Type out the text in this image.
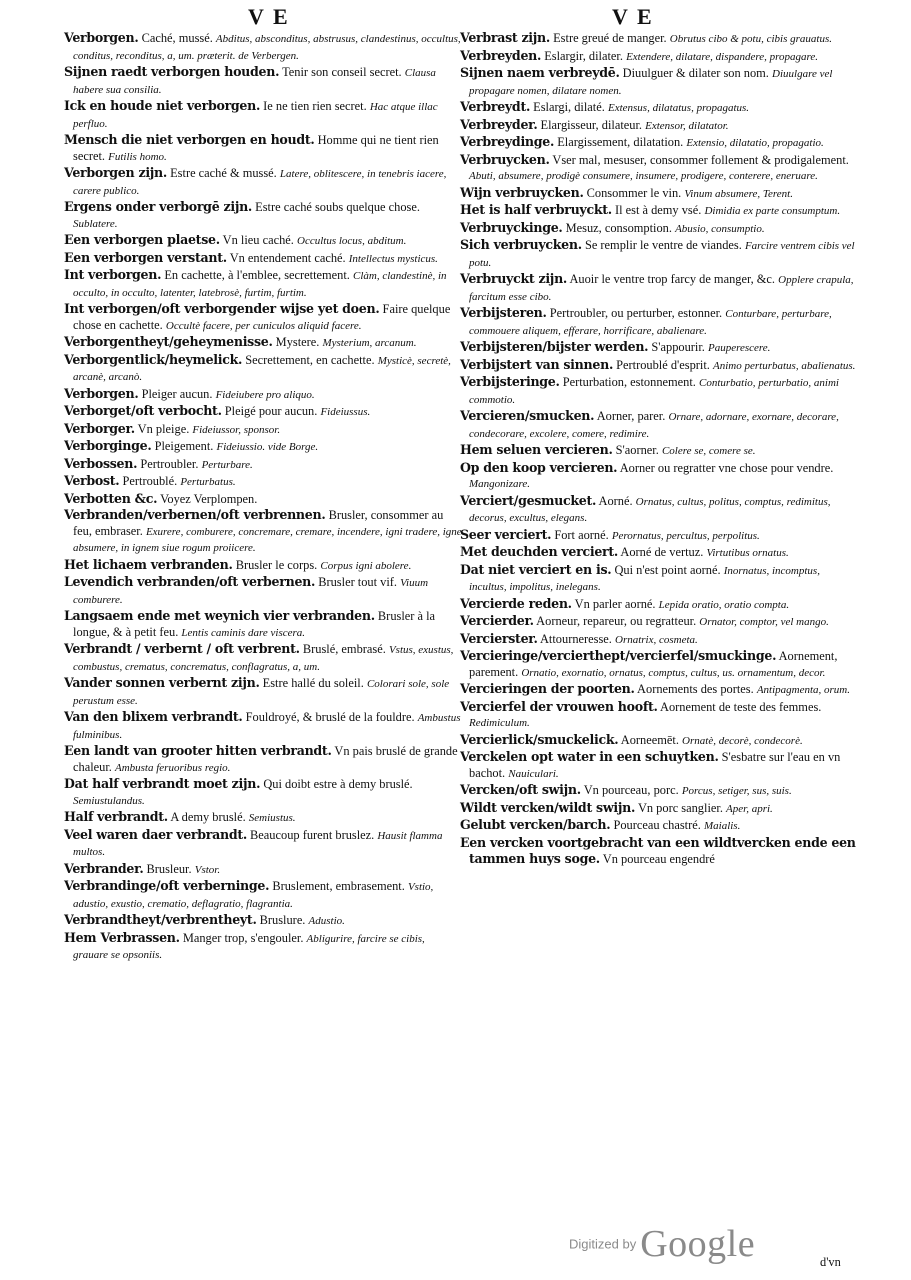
V E	V E

Verborgen. Caché, mussé. Abditus, absconditus, abstrusus, clandestinus, occultus, conditus, reconditus, a, um. præterit. de Verbergen.

Sijnen raedt verborgen houden. Tenir son conseil secret. Clausa habere sua consilia.

Ick en houde niet verborgen. Ie ne tien rien secret. Hac atque illac perfluo.

Mensch die niet verborgen en houdt. Homme qui ne tient rien secret. Futilis homo.

Verborgen zijn. Estre caché & mussé. Latere, oblitescere, in tenebris iacere, carere publico.

Ergens onder verborgē zijn. Estre caché soubs quelque chose. Sublatere.

Een verborgen plaetse. Vn lieu caché. Occultus locus, abditum.

Een verborgen verstant. Vn entendement caché. Intellectus mysticus.

Int verborgen. En cachette, à l'emblee, secrettement. Clàm, clandestinè, in occulto, in occulto, latenter, latebrosè, furtim, furtim.

Int verborgen/oft verborgender wijse yet doen. Faire quelque chose en cachette. Occultè facere, per cuniculos aliquid facere.

Verborgentheyt/geheymenisse. Mystere. Mysterium, arcanum.

Verborgentlick/heymelick. Secrettement, en cachette. Mysticè, secretè, arcanè, arcanò.

Verborgen. Pleiger aucun. Fideiubere pro aliquo.

Verborget/oft verbocht. Pleigé pour aucun. Fideiussus.

Verborger. Vn pleige. Fideiussor, sponsor.

Verborginge. Pleigement. Fideiussio. vide Borge.

Verbossen. Pertroubler. Perturbare.

Verbost. Pertroublé. Perturbatus.

Verbotten &c. Voyez Verplompen.

Verbranden/verbernen/oft verbrennen. Brusler, consommer au feu, embraser. Exurere, comburere, concremare, cremare, incendere, igni tradere, igne absumere, in ignem siue rogum proiicere.

Het lichaem verbranden. Brusler le corps. Corpus igni abolere.

Levendich verbranden/oft verbernen. Brusler tout vif. Viuum comburere.

Langsaem ende met weynich vier verbranden. Brusler à la longue, & à petit feu. Lentis caminis dare viscera.

Verbrandt / verbernt / oft verbrent. Bruslé, embrasé. Vstus, exustus, combustus, crematus, concrematus, conflagratus, a, um.

Vander sonnen verbernt zijn. Estre hallé du soleil. Colorari sole, sole perustum esse.

Van den blixem verbrandt. Fouldroyé, & bruslé de la fouldre. Ambustus fulminibus.

Een landt van grooter hitten verbrandt. Vn pais bruslé de grande chaleur. Ambusta feruoribus regio.

Dat half verbrandt moet zijn. Qui doibt estre à demy bruslé. Semiustulandus.

Half verbrandt. A demy bruslé. Semiustus.

Veel waren daer verbrandt. Beaucoup furent bruslez. Hausit flamma multos.

Verbrander. Brusleur. Vstor.

Verbrandinge/oft verberninge. Bruslement, embrasement. Vstio, adustio, exustio, crematio, deflagratio, flagrantia.

Verbrandtheyt/verbrentheyt. Bruslure. Adustio.

Hem Verbrassen. Manger trop, s'engouler. Abligurire, farcire se cibis, grauare se opsoniis.

Verbrast zijn. Estre greué de manger. Obrutus cibo & potu, cibis grauatus.

Verbreyden. Eslargir, dilater. Extendere, dilatare, dispandere, propagare.

Sijnen naem verbreydē. Diuulguer & dilater son nom. Diuulgare vel propagare nomen, dilatare nomen.

Verbreydt. Eslargi, dilaté. Extensus, dilatatus, propagatus.

Verbreyder. Elargisseur, dilateur. Extensor, dilatator.

Verbreydinge. Elargissement, dilatation. Extensio, dilatatio, propagatio.

Verbruycken. Vser mal, mesuser, consommer follement & prodigalement. Abuti, absumere, prodigè consumere, insumere, prodigere, conterere, eneruare.

Wijn verbruycken. Consommer le vin. Vinum absumere, Terent.

Het is half verbruyckt. Il est à demy vsé. Dimidia ex parte consumptum.

Verbruyckinge. Mesuz, consomption. Abusio, consumptio.

Sich verbruycken. Se remplir le ventre de viandes. Farcire ventrem cibis vel potu.

Verbruyckt zijn. Auoir le ventre trop farcy de manger, &c. Opplere crapula, farcitum esse cibo.

Verbijsteren. Pertroubler, ou perturber, estonner. Conturbare, perturbare, commouere aliquem, efferare, horrificare, abalienare.

Verbijsteren/bijster werden. S'appourir. Pauperescere.

Verbijstert van sinnen. Pertroublé d'esprit. Animo perturbatus, abalienatus.

Verbijsteringe. Perturbation, estonnement. Conturbatio, perturbatio, animi commotio.

Vercieren/smucken. Aorner, parer. Ornare, adornare, exornare, decorare, condecorare, excolere, comere, redimire.

Hem seluen vercieren. S'aorner. Colere se, comere se.

Op den koop vercieren. Aorner ou regratter vne chose pour vendre. Mangonizare.

Verciert/gesmucket. Aorné. Ornatus, cultus, politus, comptus, redimitus, decorus, excultus, elegans.

Seer verciert. Fort aorné. Perornatus, percultus, perpolitus.

Met deuchden verciert. Aorné de vertuz. Virtutibus ornatus.

Dat niet verciert en is. Qui n'est point aorné. Inornatus, incomptus, incultus, impolitus, inelegans.

Vercierde reden. Vn parler aorné. Lepida oratio, oratio compta.

Vercierder. Aorneur, repareur, ou regratteur. Ornator, comptor, vel mango.

Vercierster. Attourneresse. Ornatrix, cosmeta.

Vercieringe/vercierthept/vercierfel/smuckinge. Aornement, parement. Ornatio, exornatio, ornatus, comptus, cultus, us. ornamentum, decor.

Vercieringen der poorten. Aornements des portes. Antipagmenta, orum.

Vercierfel der vrouwen hooft. Aornement de teste des femmes. Redimiculum.

Vercierlick/smuckelick. Aorneemēt. Ornatè, decorè, condecorè.

Verckelen opt water in een schuytken. S'esbatre sur l'eau en vn bachot. Nauiculari.

Vercken/oft swijn. Vn pourceau, porc. Porcus, setiger, sus, suis.

Wildt vercken/wildt swijn. Vn porc sanglier. Aper, apri.

Gelubt vercken/barch. Pourceau chastré. Maialis.

Een vercken voortgebracht van een wildtvercken ende een tammen huys soge. Vn pourceau engendré

d'vn
Digitized by Google
